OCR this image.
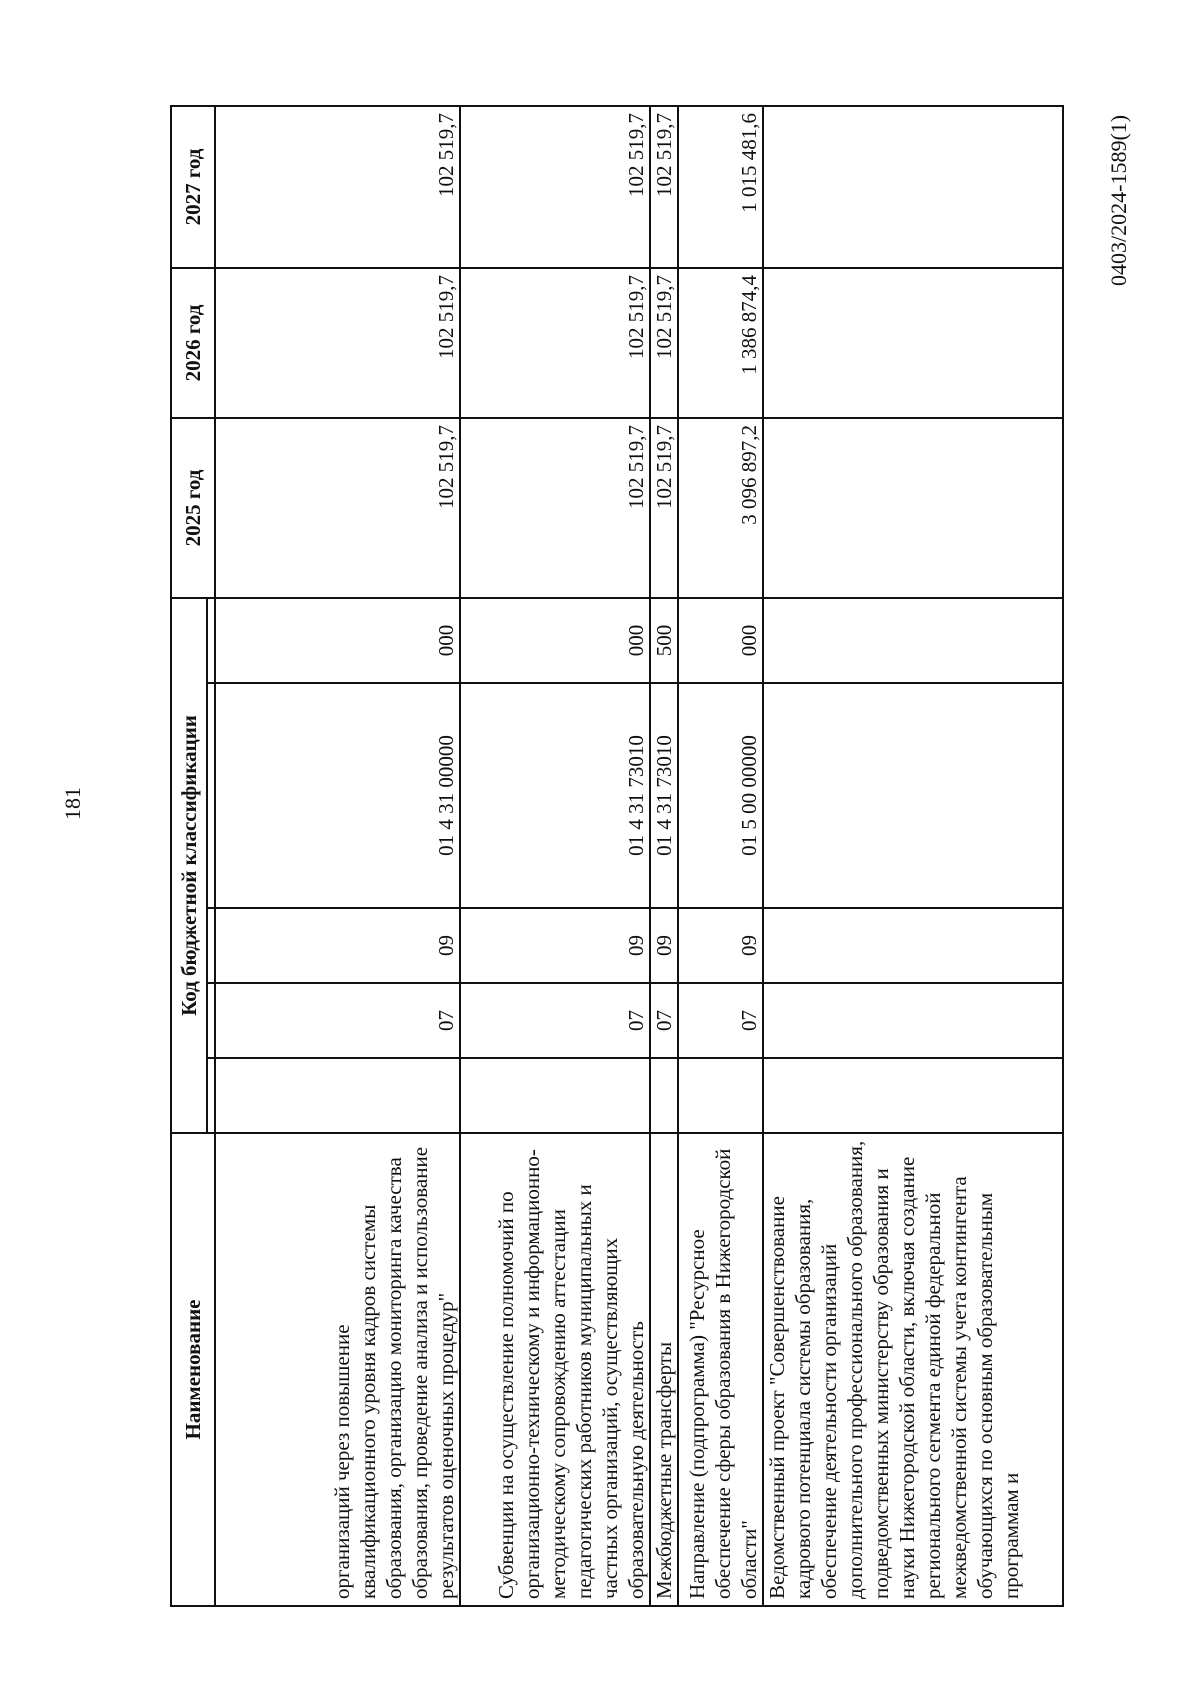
181
0403/2024-1589(1)
Наименование	Код бюджетной классификации					2025 год	2026 год	2027 год

организаций через повышение квалификационного уровня кадров системы образования, организацию мониторинга качества образования, проведение анализа и использование результатов оценочных процедур"		07	09	01 4 31 00000	000	102 519,7	102 519,7	102 519,7
Субвенции на осуществление полномочий по организационно-техническому и информационно-методическому сопровождению аттестации педагогических работников муниципальных и частных организаций, осуществляющих образовательную деятельность		07	09	01 4 31 73010	000	102 519,7	102 519,7	102 519,7
Межбюджетные трансферты		07	09	01 4 31 73010	500	102 519,7	102 519,7	102 519,7
Направление (подпрограмма) "Ресурсное обеспечение сферы образования в Нижегородской области"		07	09	01 5 00 00000	000	3 096 897,2	1 386 874,4	1 015 481,6
Ведомственный проект "Совершенствование кадрового потенциала системы образования, обеспечение деятельности организаций дополнительного профессионального образования, подведомственных министерству образования и науки Нижегородской области, включая создание регионального сегмента единой федеральной межведомственной системы учета контингента обучающихся по основным образовательным программам и								
